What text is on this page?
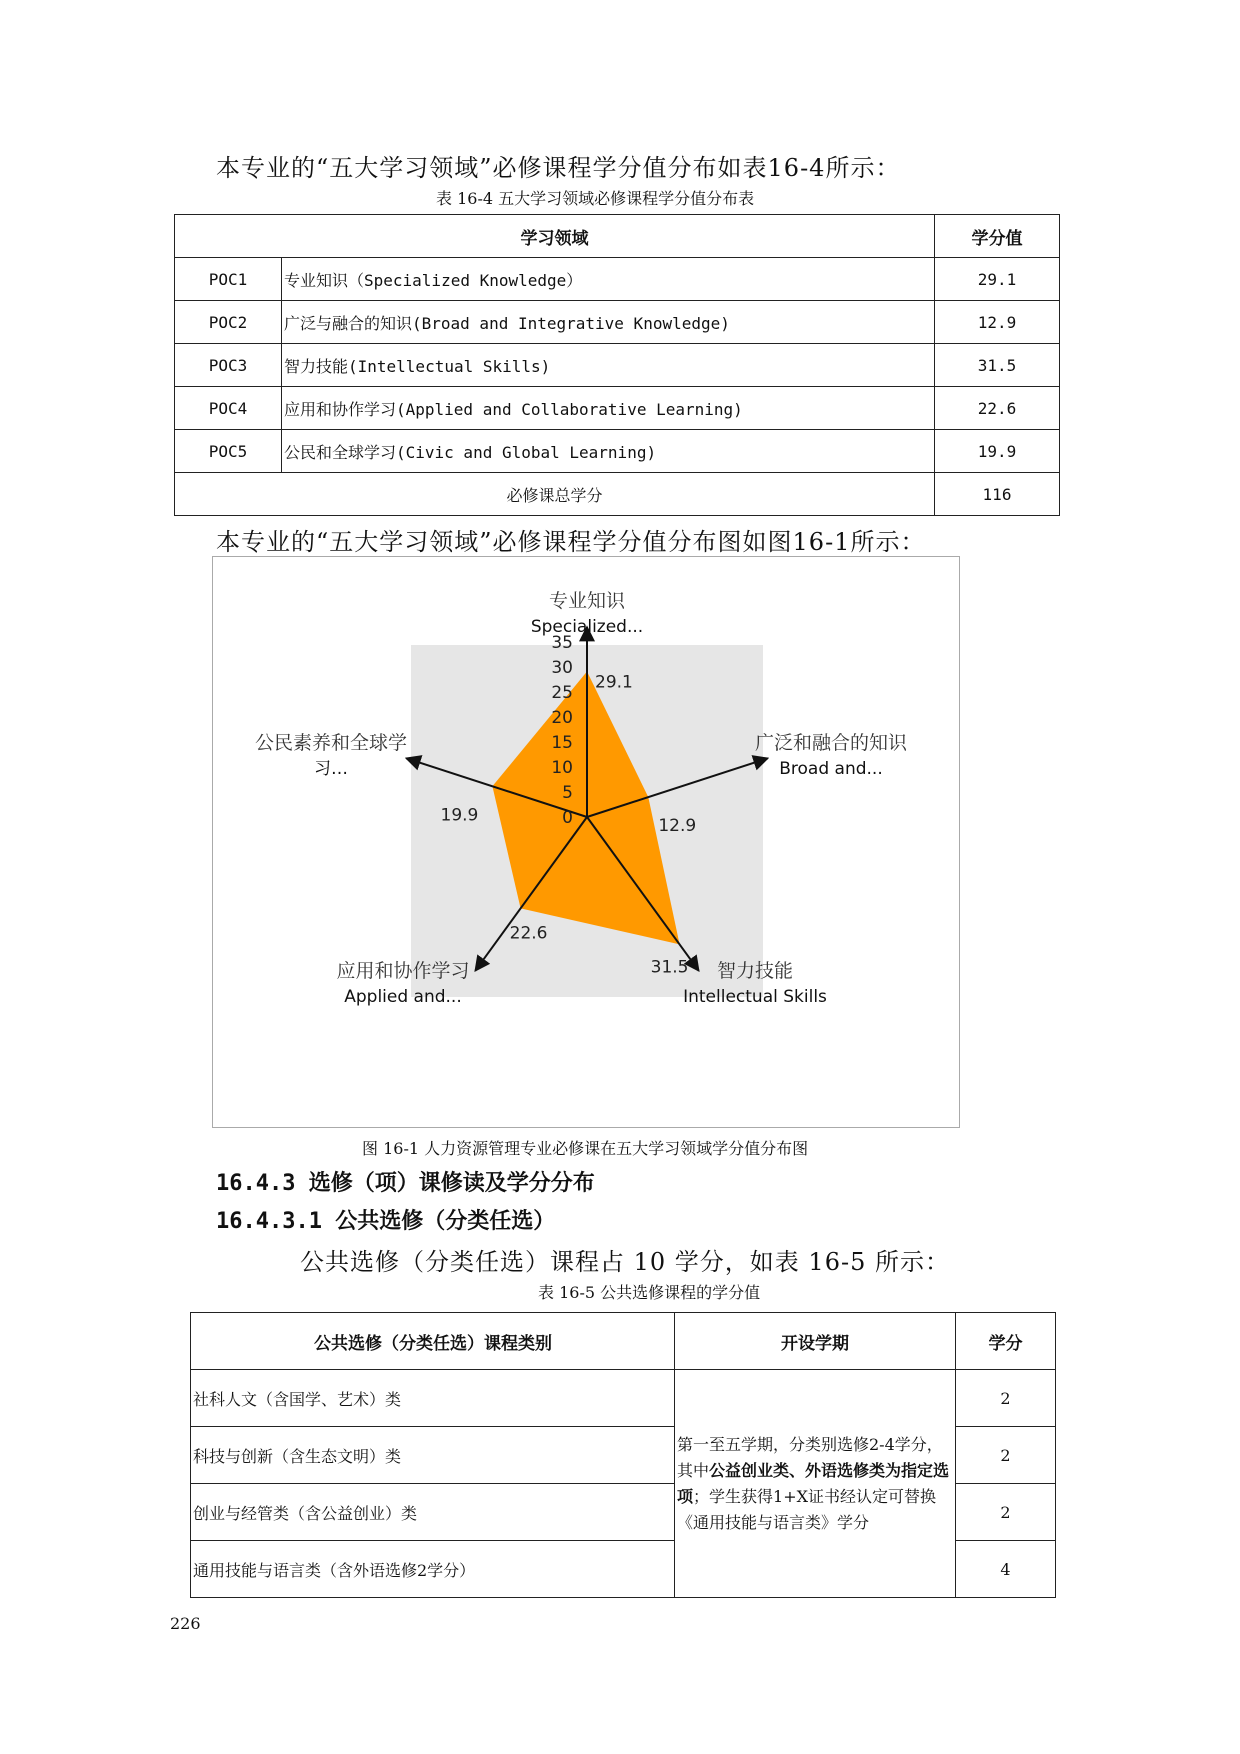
本专业的“五大学习领域”必修课程学分值分布如表16-4所示：
表 16-4 五大学习领域必修课程学分值分布表
学习领域		学分值
POC1	专业知识（Specialized Knowledge）	29.1
POC2	广泛与融合的知识(Broad and Integrative Knowledge)	12.9
POC3	智力技能(Intellectual Skills)	31.5
POC4	应用和协作学习(Applied and Collaborative Learning)	22.6
POC5	公民和全球学习(Civic and Global Learning)	19.9
必修课总学分		116
本专业的“五大学习领域”必修课程学分值分布图如图16-1所示：
35
30
25
20
15
10
5
0
29.1
12.9
31.5
22.6
19.9
专业知识
Specialized...
广泛和融合的知识
Broad and...
智力技能
Intellectual Skills
应用和协作学习
Applied and...
公民素养和全球学
习…
图 16-1 人力资源管理专业必修课在五大学习领域学分值分布图
16.4.3 选修（项）课修读及学分分布
16.4.3.1 公共选修（分类任选）
公共选修（分类任选）课程占 10 学分，如表 16-5 所示：
表 16-5 公共选修课程的学分值
公共选修（分类任选）课程类别	开设学期	学分
社科人文（含国学、艺术）类	第一至五学期，分类别选修2-4学分，其中公益创业类、外语选修类为指定选项；学生获得1+X证书经认定可替换《通用技能与语言类》学分	2
科技与创新（含生态文明）类		2
创业与经管类（含公益创业）类		2
通用技能与语言类（含外语选修2学分）		4
226
